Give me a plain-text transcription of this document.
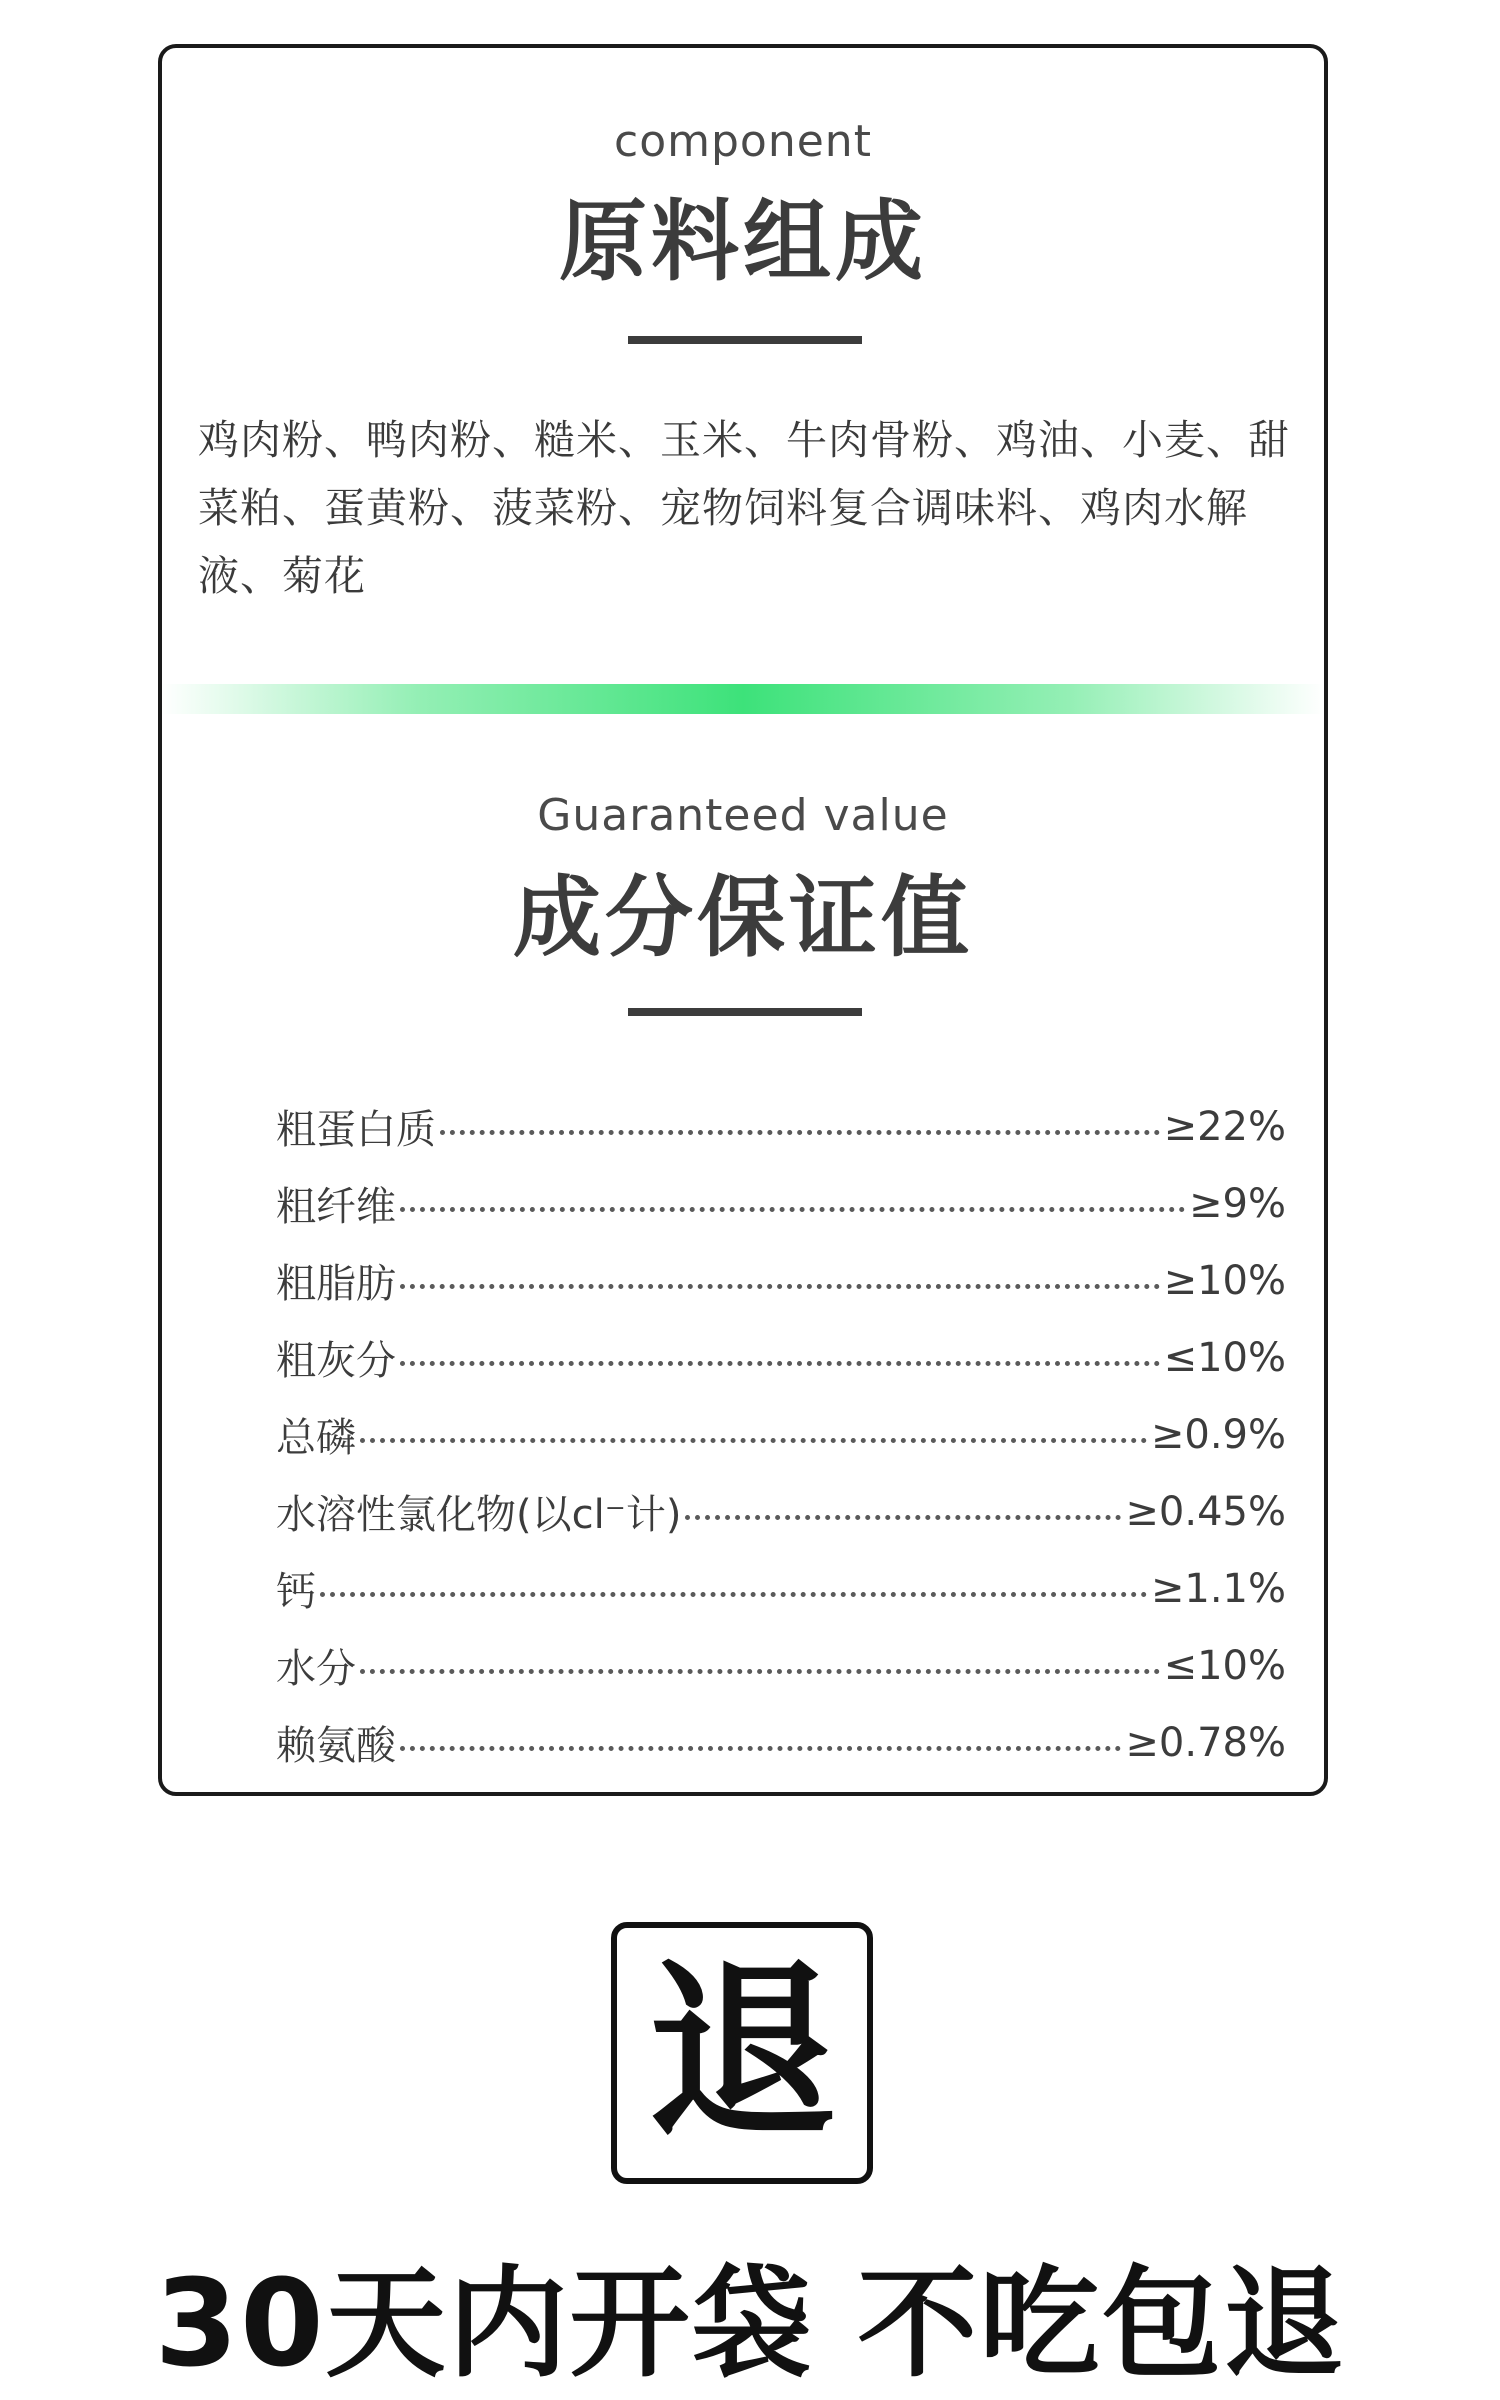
component
原料组成
鸡肉粉、鸭肉粉、糙米、玉米、牛肉骨粉、鸡油、小麦、甜菜粕、蛋黄粉、菠菜粉、宠物饲料复合调味料、鸡肉水解液、菊花
Guaranteed value
成分保证值
粗蛋白质	≥22%
粗纤维	≥9%
粗脂肪	≥10%
粗灰分	≤10%
总磷	≥0.9%
水溶性氯化物(以cl⁻计)	≥0.45%
钙	≥1.1%
水分	≤10%
赖氨酸	≥0.78%
退
30天内开袋 不吃包退
